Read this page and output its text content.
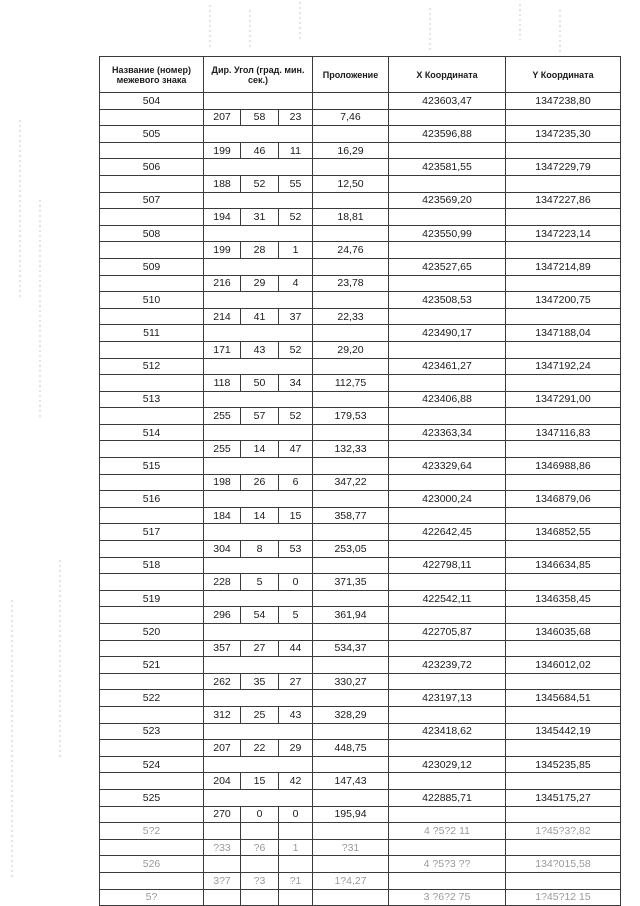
Название (номер) межевого знака	Дир. Угол (град. мин. сек.)			Проложение	X Координата	Y Координата
504					423603,47	1347238,80
	207	58	23	7,46		
505					423596,88	1347235,30
	199	46	11	16,29		
506					423581,55	1347229,79
	188	52	55	12,50		
507					423569,20	1347227,86
	194	31	52	18,81		
508					423550,99	1347223,14
	199	28	1	24,76		
509					423527,65	1347214,89
	216	29	4	23,78		
510					423508,53	1347200,75
	214	41	37	22,33		
511					423490,17	1347188,04
	171	43	52	29,20		
512					423461,27	1347192,24
	118	50	34	112,75		
513					423406,88	1347291,00
	255	57	52	179,53		
514					423363,34	1347116,83
	255	14	47	132,33		
515					423329,64	1346988,86
	198	26	6	347,22		
516					423000,24	1346879,06
	184	14	15	358,77		
517					422642,45	1346852,55
	304	8	53	253,05		
518					422798,11	1346634,85
	228	5	0	371,35		
519					422542,11	1346358,45
	296	54	5	361,94		
520					422705,87	1346035,68
	357	27	44	534,37		
521					423239,72	1346012,02
	262	35	27	330,27		
522					423197,13	1345684,51
	312	25	43	328,29		
523					423418,62	1345442,19
	207	22	29	448,75		
524					423029,12	1345235,85
	204	15	42	147,43		
525					422885,71	1345175,27
	270	0	0	195,94		
5?2					4 ?5?2 11	1?45?3?,82
	?33	?6	1	?31		
526					4 ?5?3 ??	134?015,58
	3?7	?3	?1	1?4,27		
5?					3 ?6?2 75	1?45?12 15
